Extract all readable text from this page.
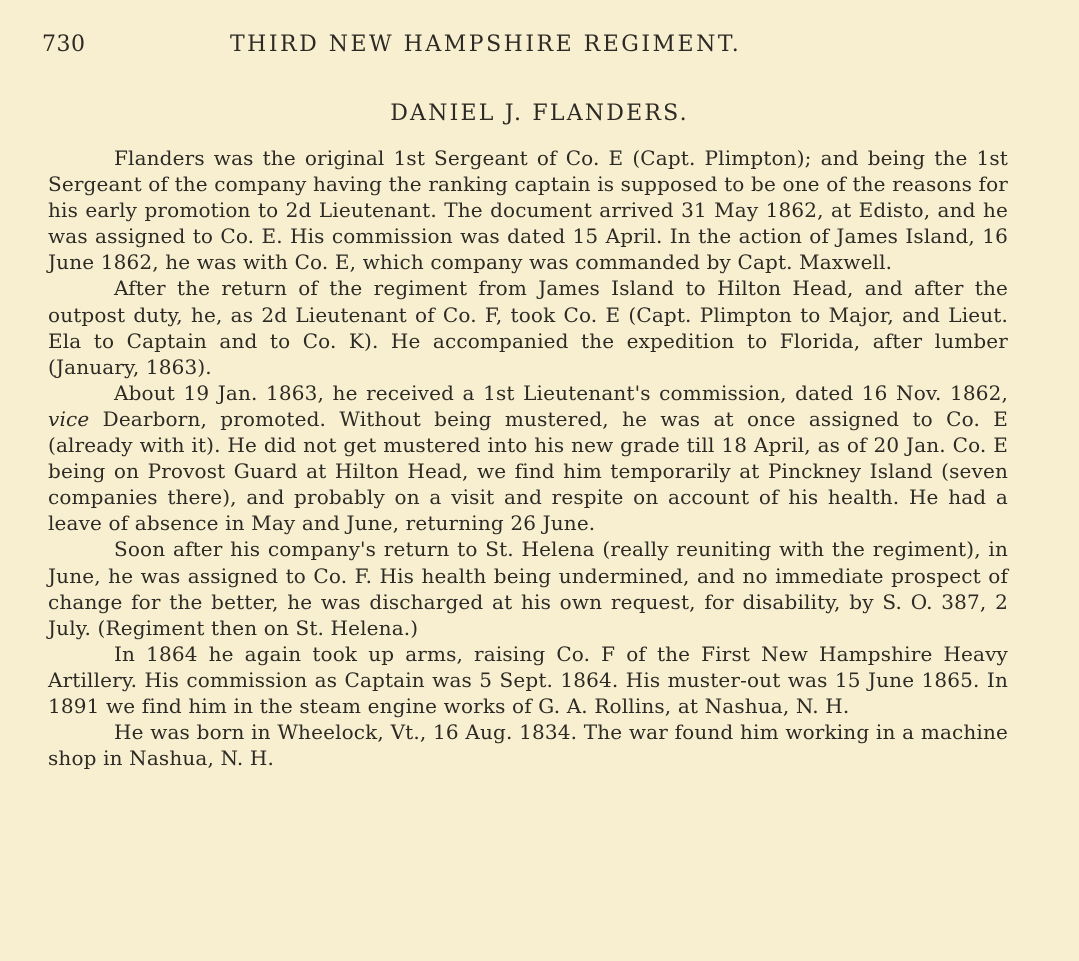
730	THIRD NEW HAMPSHIRE REGIMENT.
DANIEL J. FLANDERS.

Flanders was the original 1st Sergeant of Co. E (Capt. Plimpton); and being the 1st Sergeant of the company having the ranking captain is supposed to be one of the reasons for his early promotion to 2d Lieutenant. The document arrived 31 May 1862, at Edisto, and he was assigned to Co. E. His commission was dated 15 April. In the action of James Island, 16 June 1862, he was with Co. E, which company was commanded by Capt. Maxwell.

After the return of the regiment from James Island to Hilton Head, and after the outpost duty, he, as 2d Lieutenant of Co. F, took Co. E (Capt. Plimpton to Major, and Lieut. Ela to Captain and to Co. K). He accompanied the expedition to Florida, after lumber (January, 1863).

About 19 Jan. 1863, he received a 1st Lieutenant's commission, dated 16 Nov. 1862, vice Dearborn, promoted. Without being mustered, he was at once assigned to Co. E (already with it). He did not get mustered into his new grade till 18 April, as of 20 Jan. Co. E being on Provost Guard at Hilton Head, we find him temporarily at Pinckney Island (seven companies there), and probably on a visit and respite on account of his health. He had a leave of absence in May and June, returning 26 June.

Soon after his company's return to St. Helena (really reuniting with the regiment), in June, he was assigned to Co. F. His health being undermined, and no immediate prospect of change for the better, he was discharged at his own request, for disability, by S. O. 387, 2 July. (Regiment then on St. Helena.)

In 1864 he again took up arms, raising Co. F of the First New Hampshire Heavy Artillery. His commission as Captain was 5 Sept. 1864. His muster-out was 15 June 1865. In 1891 we find him in the steam engine works of G. A. Rollins, at Nashua, N. H.

He was born in Wheelock, Vt., 16 Aug. 1834. The war found him working in a machine shop in Nashua, N. H.
